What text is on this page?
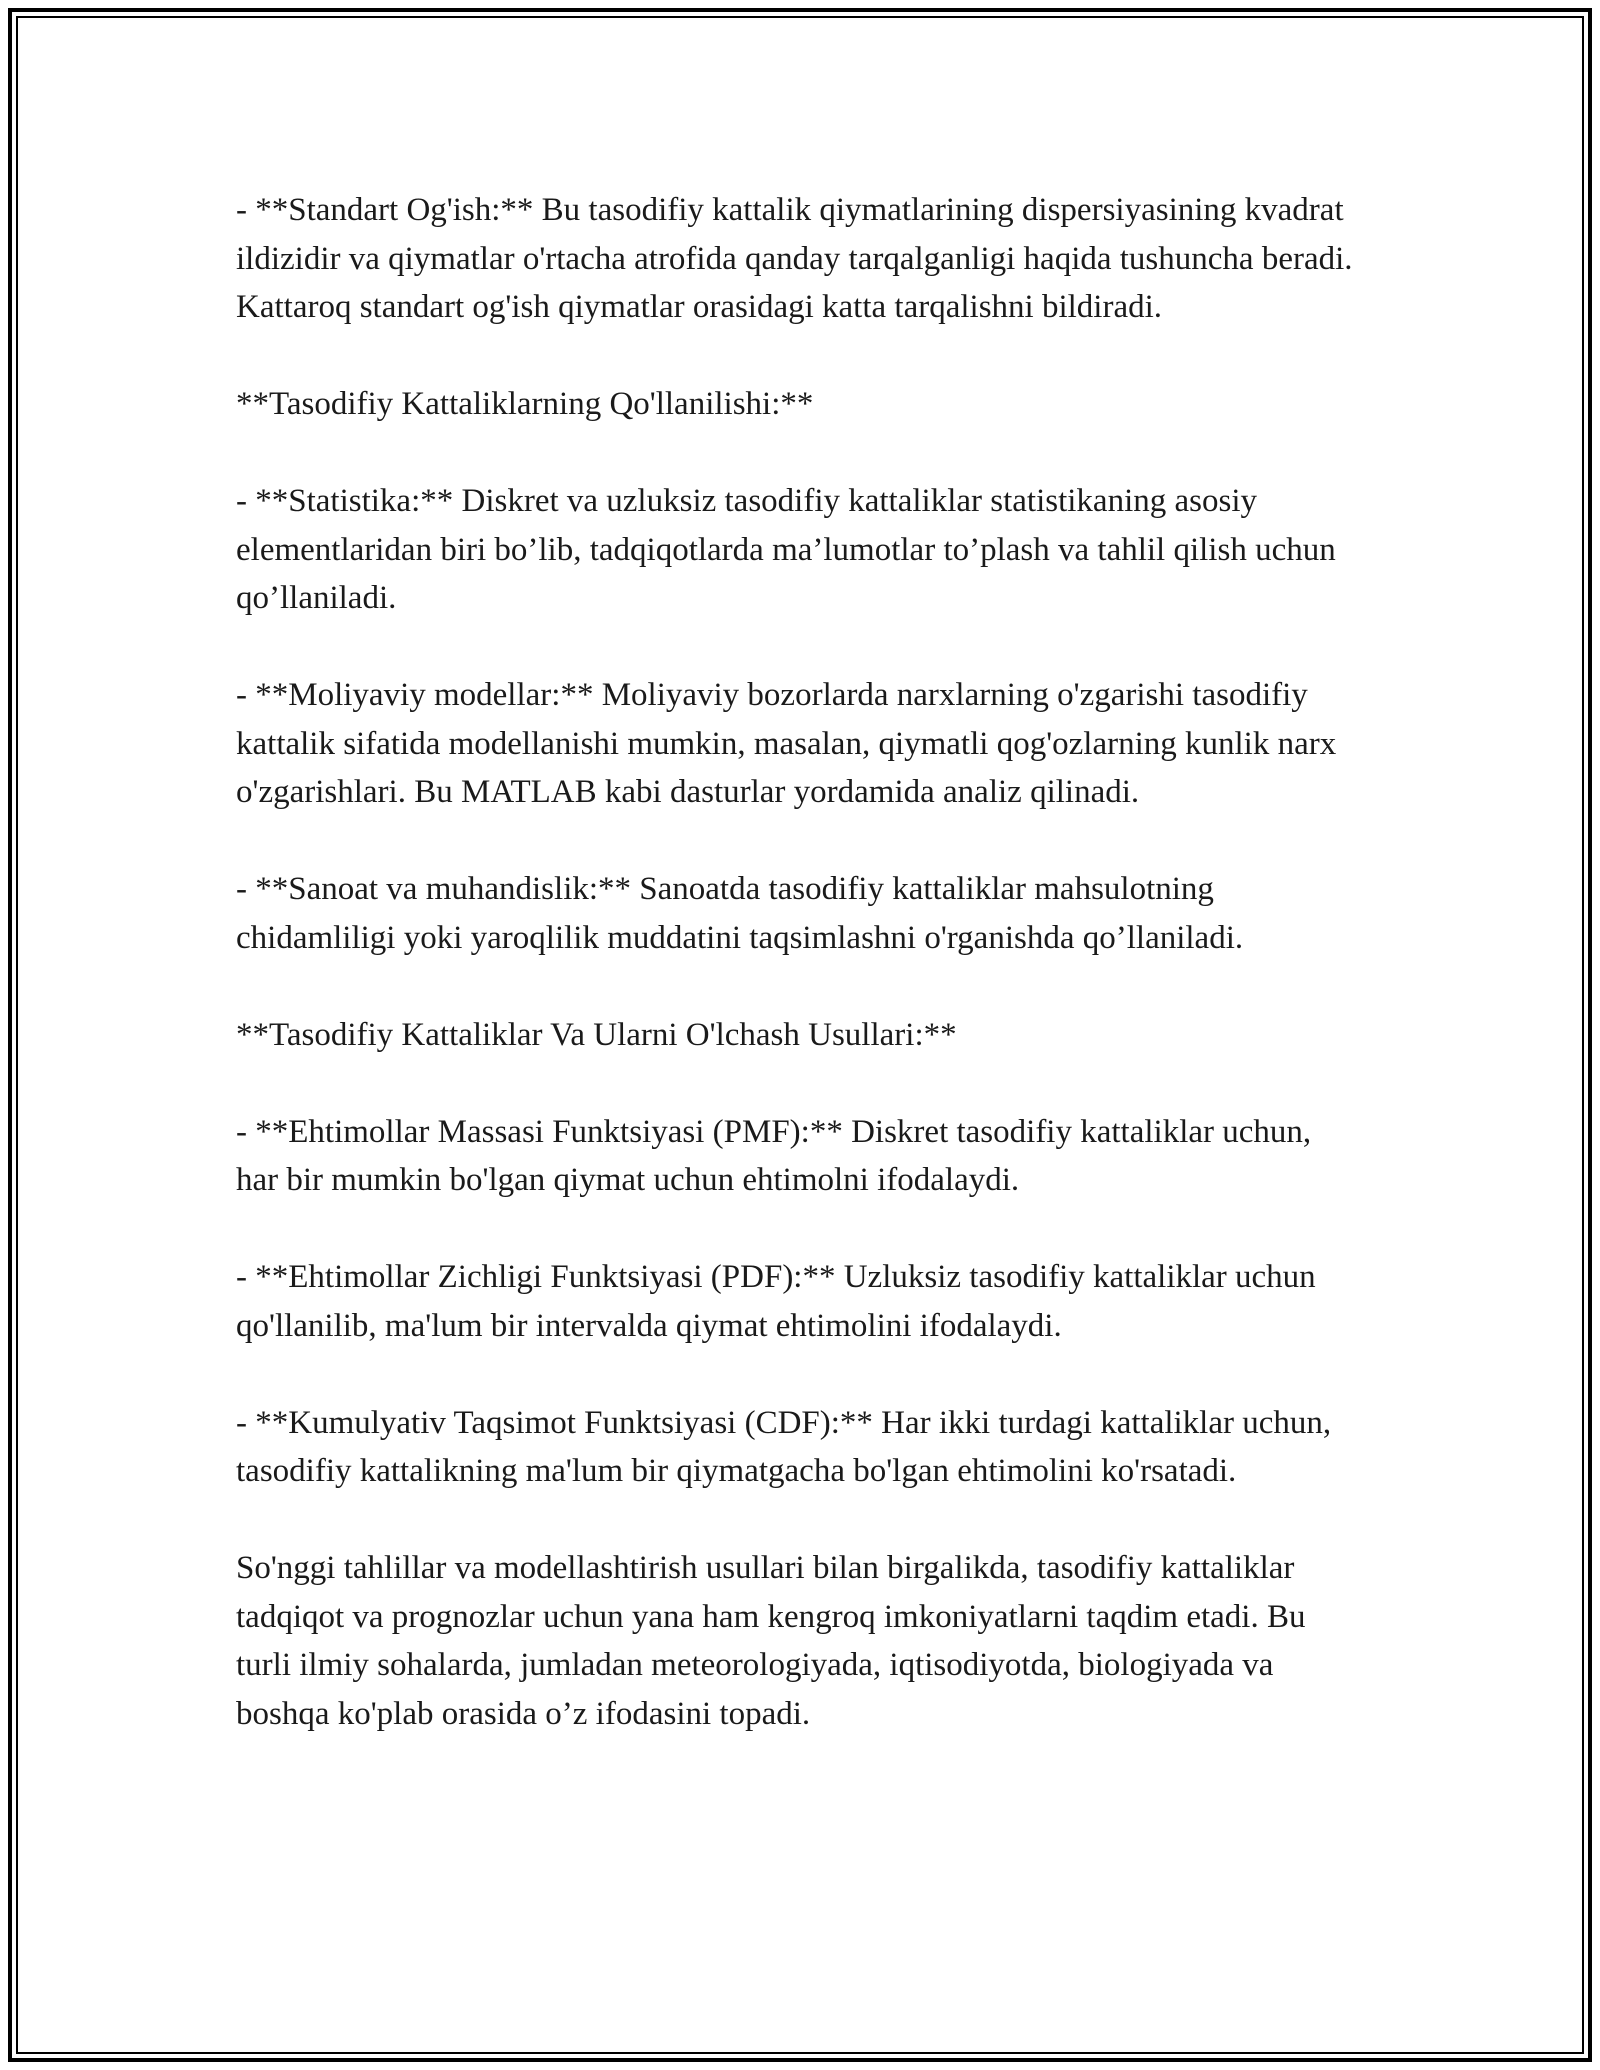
- **Standart Og'ish:** Bu tasodifiy kattalik qiymatlarining dispersiyasining kvadrat ildizidir va qiymatlar o'rtacha atrofida qanday tarqalganligi haqida tushuncha beradi. Kattaroq standart og'ish qiymatlar orasidagi katta tarqalishni bildiradi.

**Tasodifiy Kattaliklarning Qo'llanilishi:**

- **Statistika:** Diskret va uzluksiz tasodifiy kattaliklar statistikaning asosiy elementlaridan biri bo’lib, tadqiqotlarda ma’lumotlar to’plash va tahlil qilish uchun qo’llaniladi.

- **Moliyaviy modellar:** Moliyaviy bozorlarda narxlarning o'zgarishi tasodifiy kattalik sifatida modellanishi mumkin, masalan, qiymatli qog'ozlarning kunlik narx o'zgarishlari. Bu MATLAB kabi dasturlar yordamida analiz qilinadi.

- **Sanoat va muhandislik:** Sanoatda tasodifiy kattaliklar mahsulotning chidamliligi yoki yaroqlilik muddatini taqsimlashni o'rganishda qo’llaniladi.

**Tasodifiy Kattaliklar Va Ularni O'lchash Usullari:**

- **Ehtimollar Massasi Funktsiyasi (PMF):** Diskret tasodifiy kattaliklar uchun, har bir mumkin bo'lgan qiymat uchun ehtimolni ifodalaydi.

- **Ehtimollar Zichligi Funktsiyasi (PDF):** Uzluksiz tasodifiy kattaliklar uchun qo'llanilib, ma'lum bir intervalda qiymat ehtimolini ifodalaydi.

- **Kumulyativ Taqsimot Funktsiyasi (CDF):** Har ikki turdagi kattaliklar uchun, tasodifiy kattalikning ma'lum bir qiymatgacha bo'lgan ehtimolini ko'rsatadi.

So'nggi tahlillar va modellashtirish usullari bilan birgalikda, tasodifiy kattaliklar tadqiqot va prognozlar uchun yana ham kengroq imkoniyatlarni taqdim etadi. Bu turli ilmiy sohalarda, jumladan meteorologiyada, iqtisodiyotda, biologiyada va boshqa ko'plab orasida o’z ifodasini topadi.
